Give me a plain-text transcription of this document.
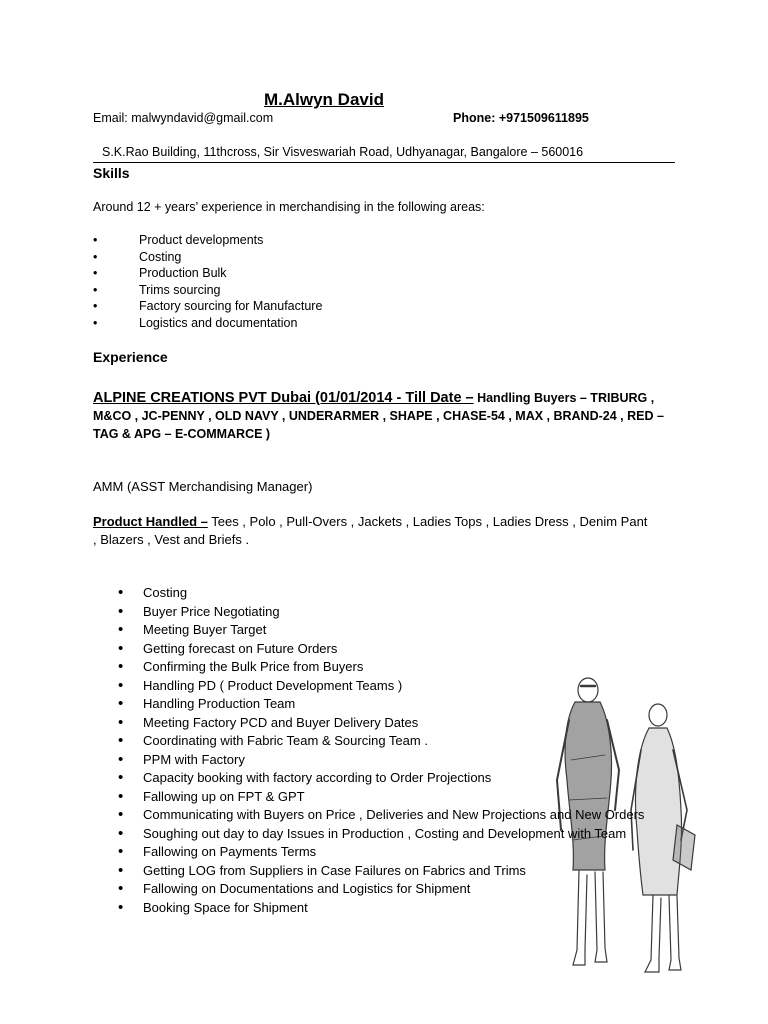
M.Alwyn David
Email: malwyndavid@gmail.com	Phone: +971509611895
S.K.Rao Building, 11thcross, Sir Visveswariah Road, Udhyanagar, Bangalore – 560016
Skills
Around 12 + years’ experience in merchandising in the following areas:
• Product developments
• Costing
• Production Bulk
• Trims sourcing
• Factory sourcing for Manufacture
• Logistics and documentation
Experience
ALPINE CREATIONS PVT Dubai (01/01/2014 - Till Date – Handling Buyers – TRIBURG , M&CO , JC-PENNY , OLD NAVY , UNDERARMER , SHAPE , CHASE-54 , MAX , BRAND-24 , RED – TAG & APG – E-COMMARCE )
AMM (ASST Merchandising Manager)
Product Handled – Tees , Polo , Pull-Overs , Jackets , Ladies Tops , Ladies Dress , Denim Pant , Blazers , Vest and Briefs .
• Costing
• Buyer Price Negotiating
• Meeting Buyer Target
• Getting forecast on Future Orders
• Confirming the Bulk Price from Buyers
• Handling PD ( Product Development Teams )
• Handling Production Team
• Meeting Factory PCD and Buyer Delivery Dates
• Coordinating with Fabric Team & Sourcing Team .
• PPM with Factory
• Capacity booking with factory according to Order Projections
• Fallowing up on FPT & GPT
• Communicating with Buyers on Price , Deliveries and New Projections and New Orders
• Soughing out day to day Issues in Production , Costing and Development with Team
• Fallowing on Payments Terms
• Getting LOG from Suppliers in Case Failures on Fabrics and Trims
• Fallowing on Documentations and Logistics for Shipment
• Booking Space for Shipment
